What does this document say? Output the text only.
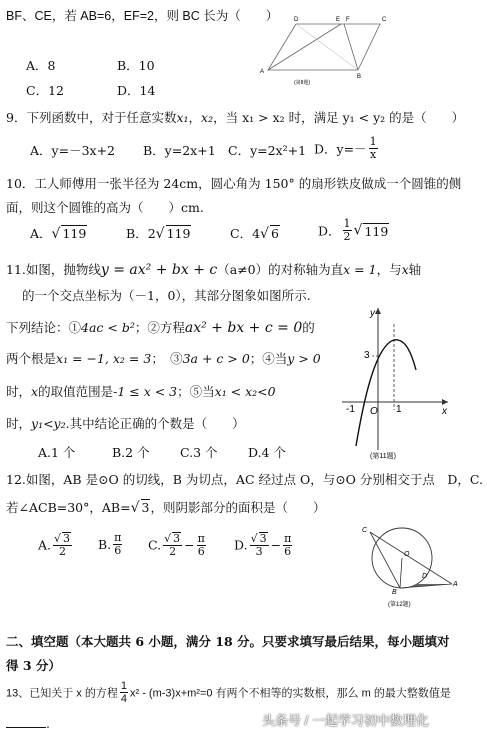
BF、CE，若 AB=6，EF=2，则 BC 长为（　　）
A
D	E F	C
B
(第8题)
A．8	B．10
C．12	D．14
9．下列函数中，对于任意实数x₁，x₂，当 x₁ > x₂ 时，满足 y₁ < y₂ 的是（　　）
A．y=－3x+2 B．y=2x+1 C．y=2x²+1 D．$y=- \frac{1}{x}$
10．工人师傅用一张半径为 24cm，圆心角为 150° 的扇形铁皮做成一个圆锥的侧
面，则这个圆锥的高为（　　）cm.
A．√ 119	B．2√ 119	C．4√ 6	D． $\frac{1}{2}$ √ 119
11.如图，抛物线y = ax² + bx + c（a≠0）的对称轴为直x = 1，与x轴
的一个交点坐标为（－1，0），其部分图象如图所示.
下列结论：①4ac < b²；②方程ax² + bx + c = 0的
两个根是x₁ = −1, x₂ = 3；　③3a + c > 0；④当y > 0
时，x的取值范围是-1 ≤ x < 3；⑤当x₁ < x₂<0
时，y₁<y₂.其中结论正确的个数是（　　）
A.1 个	B.2 个 C.3 个 D.4 个
y
x
3
-1 O 1
(第11题)
12.如图，AB 是⊙O 的切线，B 为切点，AC 经过点 O，与⊙O 分别相交于点　D，C.
若∠ACB=30°，AB=√ 3，则阴影部分的面积是（　　）
A. $\frac{√ 3}{2} B$. $\frac{\pi}{6} C$. $\frac{√ 3}{2} - \frac{\pi}{6} D$. $\frac{√ 3}{3} - \frac{\pi}{6}$
C
O
D
B
A
(第12题)
二、填空题（本大题共 6 小题，满分 18 分。只要求填写最后结果，每小题填对
得 3 分）
13、已知关于 x 的方程 $\frac{1}{4} x^2 - (m-3)x+m^2=0$ 有两个不相等的实数根，那么 m 的最大整数值是
.	头条号 / 一起学习初中数理化
